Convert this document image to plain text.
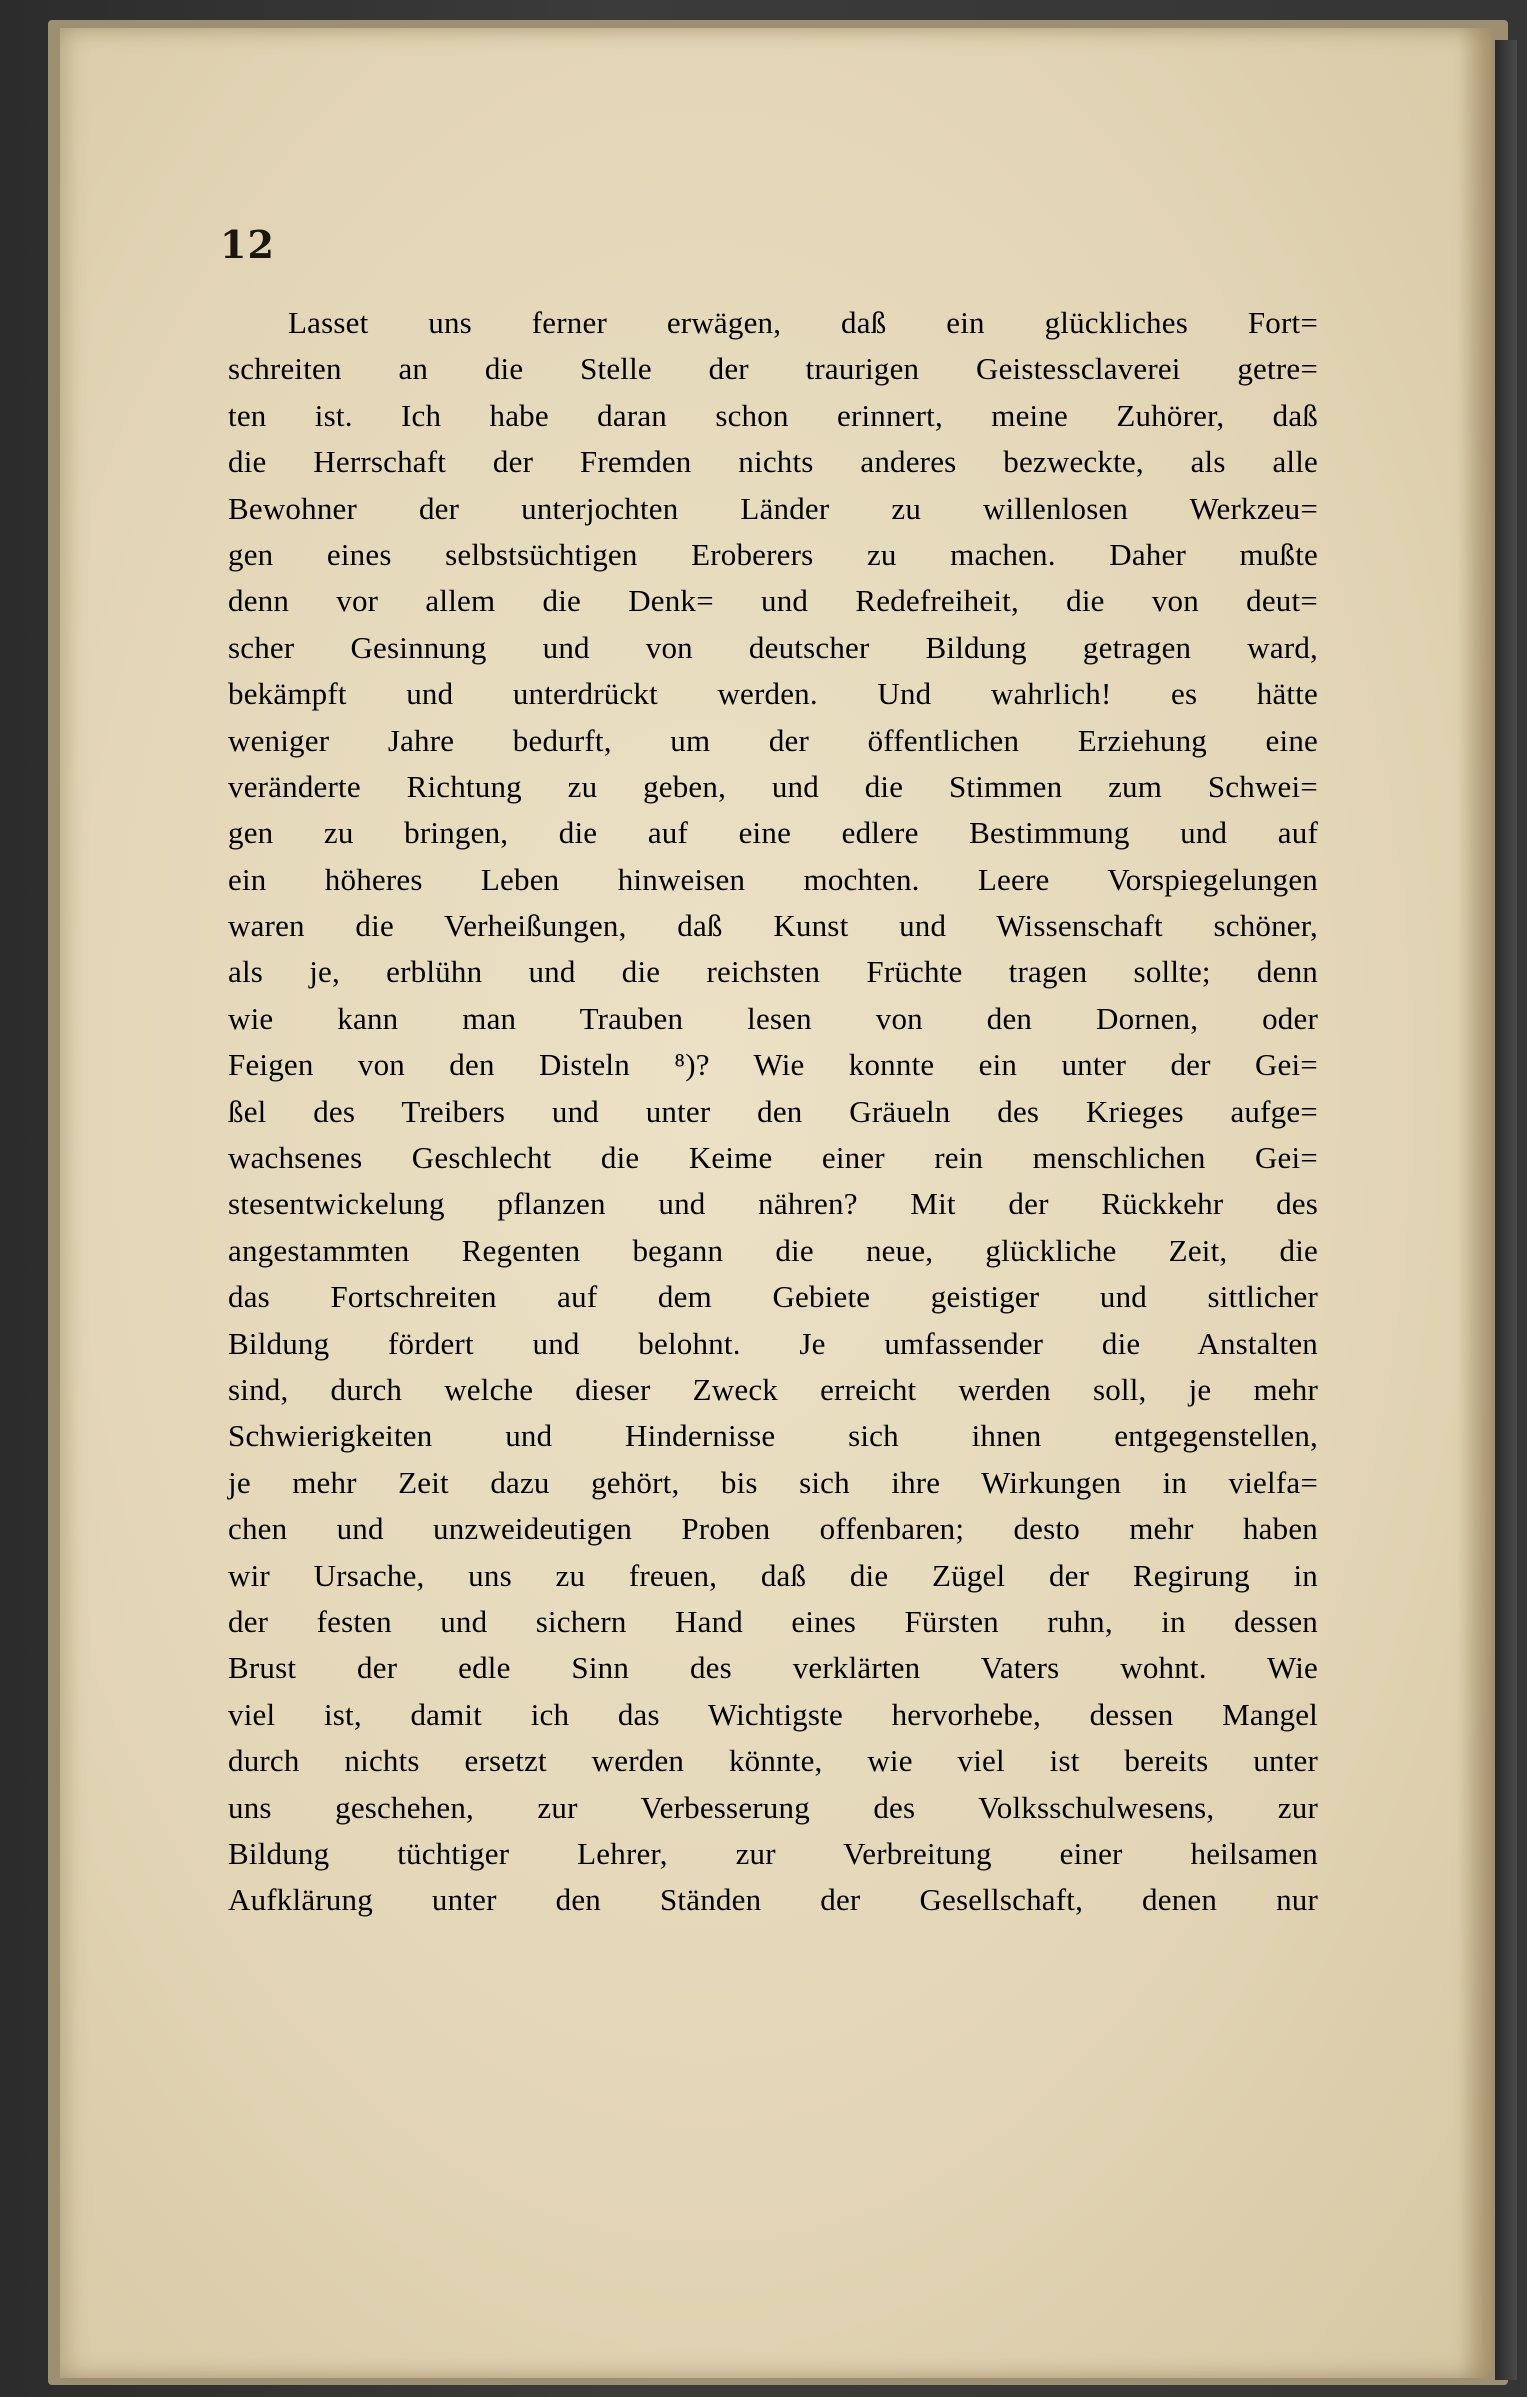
12
Lasset uns ferner erwägen, daß ein glückliches Fort=
schreiten an die Stelle der traurigen Geistessclaverei getre=
ten ist. Ich habe daran schon erinnert, meine Zuhörer, daß
die Herrschaft der Fremden nichts anderes bezweckte, als alle
Bewohner der unterjochten Länder zu willenlosen Werkzeu=
gen eines selbstsüchtigen Eroberers zu machen. Daher mußte
denn vor allem die Denk= und Redefreiheit, die von deut=
scher Gesinnung und von deutscher Bildung getragen ward,
bekämpft und unterdrückt werden. Und wahrlich! es hätte
weniger Jahre bedurft, um der öffentlichen Erziehung eine
veränderte Richtung zu geben, und die Stimmen zum Schwei=
gen zu bringen, die auf eine edlere Bestimmung und auf
ein höheres Leben hinweisen mochten. Leere Vorspiegelungen
waren die Verheißungen, daß Kunst und Wissenschaft schöner,
als je, erblühn und die reichsten Früchte tragen sollte; denn
wie kann man Trauben lesen von den Dornen, oder
Feigen von den Disteln ⁸)? Wie konnte ein unter der Gei=
ßel des Treibers und unter den Gräueln des Krieges aufge=
wachsenes Geschlecht die Keime einer rein menschlichen Gei=
stesentwickelung pflanzen und nähren? Mit der Rückkehr des
angestammten Regenten begann die neue, glückliche Zeit, die
das Fortschreiten auf dem Gebiete geistiger und sittlicher
Bildung fördert und belohnt. Je umfassender die Anstalten
sind, durch welche dieser Zweck erreicht werden soll, je mehr
Schwierigkeiten und Hindernisse sich ihnen entgegenstellen,
je mehr Zeit dazu gehört, bis sich ihre Wirkungen in vielfa=
chen und unzweideutigen Proben offenbaren; desto mehr haben
wir Ursache, uns zu freuen, daß die Zügel der Regirung in
der festen und sichern Hand eines Fürsten ruhn, in dessen
Brust der edle Sinn des verklärten Vaters wohnt. Wie
viel ist, damit ich das Wichtigste hervorhebe, dessen Mangel
durch nichts ersetzt werden könnte, wie viel ist bereits unter
uns geschehen, zur Verbesserung des Volksschulwesens, zur
Bildung tüchtiger Lehrer, zur Verbreitung einer heilsamen
Aufklärung unter den Ständen der Gesellschaft, denen nur
